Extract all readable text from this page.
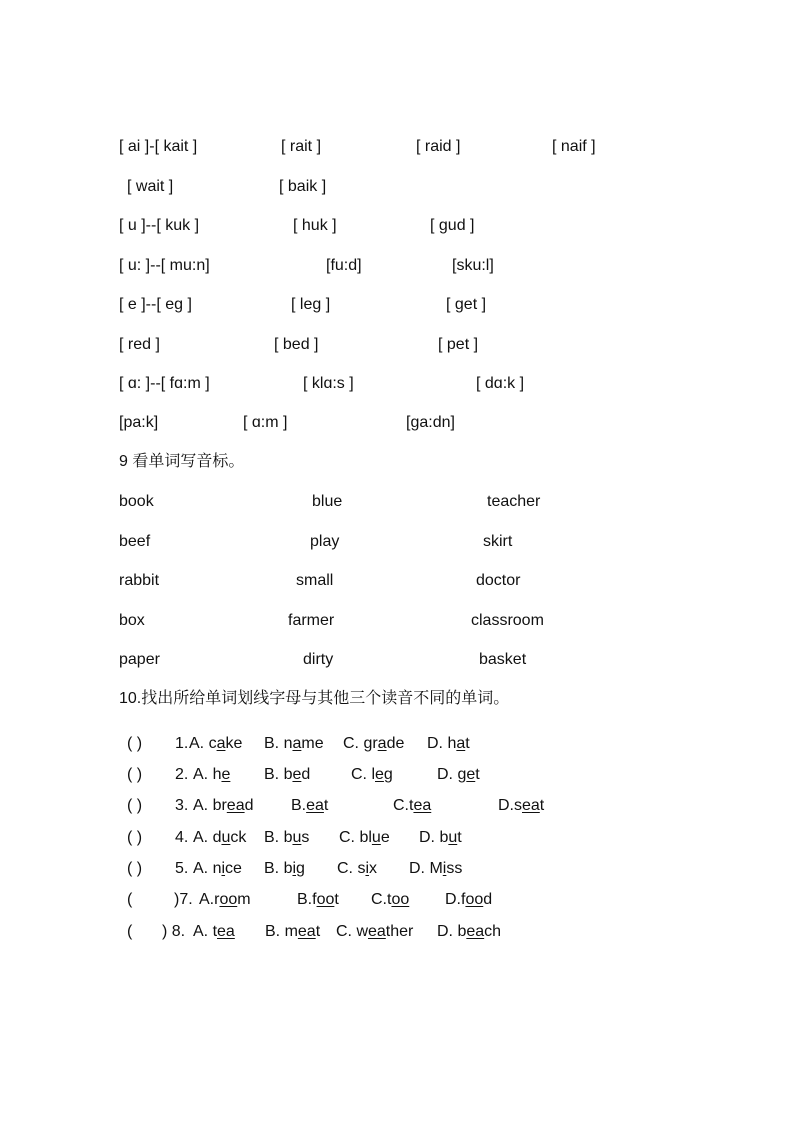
[ ai ]-[ kait ]	[ rait ]	[ raid ]	[ naif ]
[ wait ]	[ baik ]
[ u ]--[ kuk ]	[ huk ]	[ gud ]
[ u: ]--[ mu:n]	[fu:d]	[sku:l]
[ e ]--[ eg ]	[ leg ]	[ get ]
[ red ]	[ bed ]	[ pet ]
[ ɑ: ]--[ fɑ:m ]	[ klɑ:s ]	[ dɑ:k ]
[pa:k]	[ ɑ:m ]	[ga:dn]
9 看单词写音标。
book	blue	teacher
beef	play	skirt
rabbit	small	doctor
box	farmer	classroom
paper	dirty	basket
10.找出所给单词划线字母与其他三个读音不同的单词。
( ) 1. A. cake B. name C. grade D. hat
( ) 2. A. he B. bed	C. leg	D. get
( ) 3. A. bread B.eat	C.tea	D.seat
( ) 4. A. duck B. bus C. blue D. but
( ) 5. A. nice B. big C. six D. Miss
(	)7. A.room	B.foot C.too D.food
( ) 8. A. tea B. meat C. weather D. beach
